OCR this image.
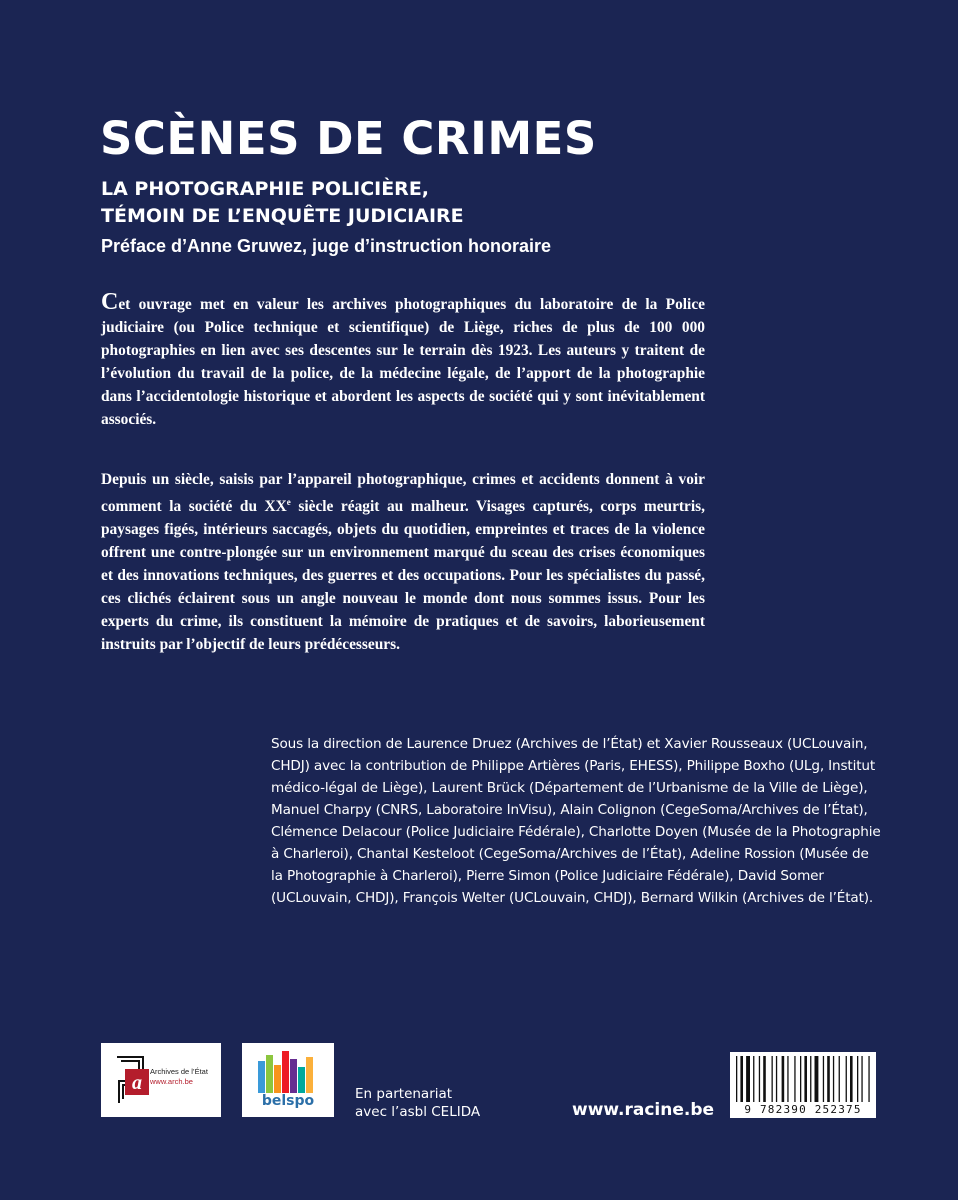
SCÈNES DE CRIMES
LA PHOTOGRAPHIE POLICIÈRE,
TÉMOIN DE L’ENQUÊTE JUDICIAIRE
Préface d’Anne Gruwez, juge d’instruction honoraire

Cet ouvrage met en valeur les archives photographiques du laboratoire de la Police judiciaire (ou Police technique et scientifique) de Liège, riches de plus de 100 000 photographies en lien avec ses descentes sur le terrain dès 1923. Les auteurs y traitent de l’évolution du travail de la police, de la médecine légale, de l’apport de la photographie dans l’accidentologie historique et abordent les aspects de société qui y sont inévitablement associés.

Depuis un siècle, saisis par l’appareil photographique, crimes et accidents donnent à voir comment la société du XXe siècle réagit au malheur. Visages capturés, corps meurtris, paysages figés, intérieurs saccagés, objets du quotidien, empreintes et traces de la violence offrent une contre-plongée sur un environnement marqué du sceau des crises économiques et des innovations techniques, des guerres et des occupations. Pour les spécialistes du passé, ces clichés éclairent sous un angle nouveau le monde dont nous sommes issus. Pour les experts du crime, ils constituent la mémoire de pratiques et de savoirs, laborieusement instruits par l’objectif de leurs prédécesseurs.

Sous la direction de Laurence Druez (Archives de l’État) et Xavier Rousseaux (UCLouvain, CHDJ) avec la contribution de Philippe Artières (Paris, EHESS), Philippe Boxho (ULg, Institut médico-légal de Liège), Laurent Brück (Département de l’Urbanisme de la Ville de Liège), Manuel Charpy (CNRS, Laboratoire InVisu), Alain Colignon (CegeSoma/Archives de l’État), Clémence Delacour (Police Judiciaire Fédérale), Charlotte Doyen (Musée de la Photographie à Charleroi), Chantal Kesteloot (CegeSoma/Archives de l’État), Adeline Rossion (Musée de la Photographie à Charleroi), Pierre Simon (Police Judiciaire Fédérale), David Somer (UCLouvain, CHDJ), François Welter (UCLouvain, CHDJ), Bernard Wilkin (Archives de l’État).

a
Archives de l’État
www.arch.be
belspo	En partenariat
avec l’asbl CELIDA	www.racine.be	9 782390 252375
